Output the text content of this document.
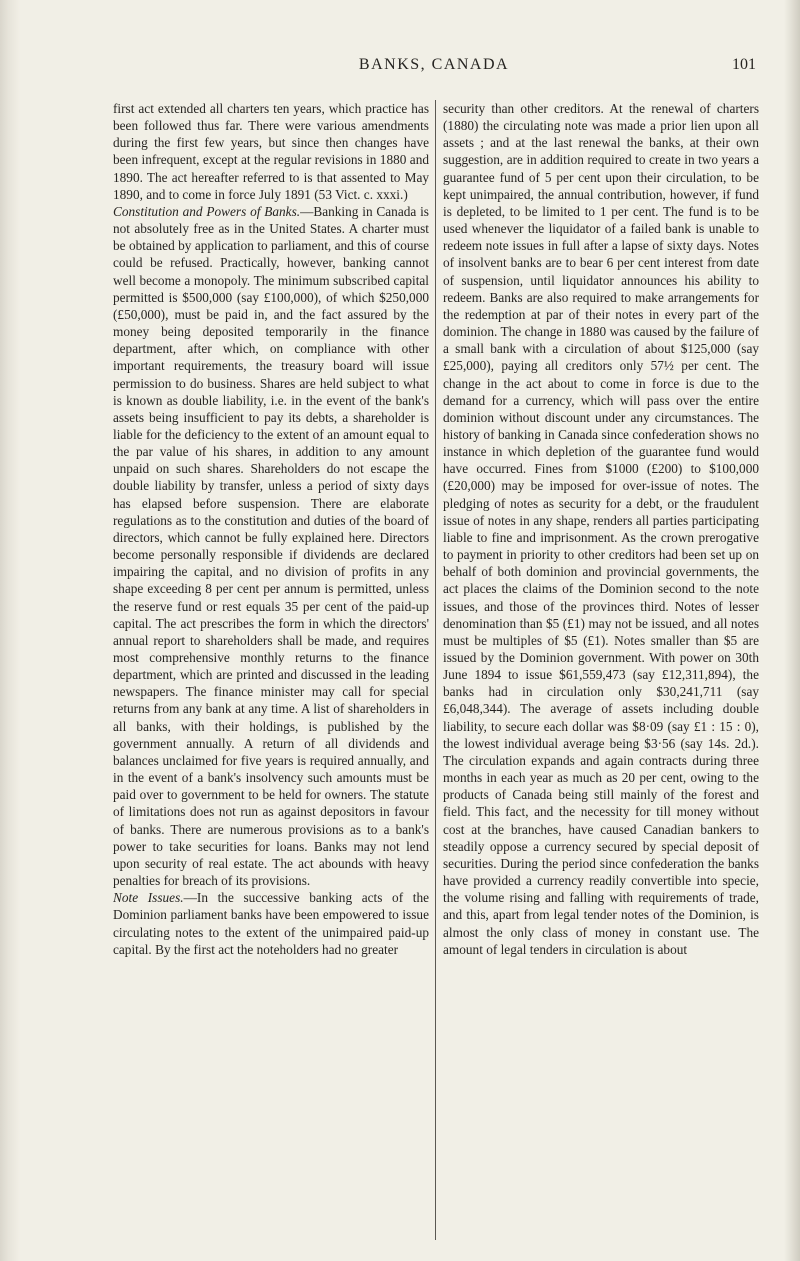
BANKS, CANADA	101

first act extended all charters ten years, which practice has been followed thus far. There were various amendments during the first few years, but since then changes have been infrequent, except at the regular revisions in 1880 and 1890. The act hereafter referred to is that assented to May 1890, and to come in force July 1891 (53 Vict. c. xxxi.)

Constitution and Powers of Banks.—Banking in Canada is not absolutely free as in the United States. A charter must be obtained by application to parliament, and this of course could be refused. Practically, however, banking cannot well become a monopoly. The minimum subscribed capital permitted is $500,000 (say £100,000), of which $250,000 (£50,000), must be paid in, and the fact assured by the money being deposited temporarily in the finance department, after which, on compliance with other important requirements, the treasury board will issue permission to do business. Shares are held subject to what is known as double liability, i.e. in the event of the bank's assets being insufficient to pay its debts, a shareholder is liable for the deficiency to the extent of an amount equal to the par value of his shares, in addition to any amount unpaid on such shares. Shareholders do not escape the double liability by transfer, unless a period of sixty days has elapsed before suspension. There are elaborate regulations as to the constitution and duties of the board of directors, which cannot be fully explained here. Directors become personally responsible if dividends are declared impairing the capital, and no division of profits in any shape exceeding 8 per cent per annum is permitted, unless the reserve fund or rest equals 35 per cent of the paid-up capital. The act prescribes the form in which the directors' annual report to shareholders shall be made, and requires most comprehensive monthly returns to the finance department, which are printed and discussed in the leading newspapers. The finance minister may call for special returns from any bank at any time. A list of shareholders in all banks, with their holdings, is published by the government annually. A return of all dividends and balances unclaimed for five years is required annually, and in the event of a bank's insolvency such amounts must be paid over to government to be held for owners. The statute of limitations does not run as against depositors in favour of banks. There are numerous provisions as to a bank's power to take securities for loans. Banks may not lend upon security of real estate. The act abounds with heavy penalties for breach of its provisions.

Note Issues.—In the successive banking acts of the Dominion parliament banks have been empowered to issue circulating notes to the extent of the unimpaired paid-up capital. By the first act the noteholders had no greater

security than other creditors. At the renewal of charters (1880) the circulating note was made a prior lien upon all assets ; and at the last renewal the banks, at their own suggestion, are in addition required to create in two years a guarantee fund of 5 per cent upon their circulation, to be kept unimpaired, the annual contribution, however, if fund is depleted, to be limited to 1 per cent. The fund is to be used whenever the liquidator of a failed bank is unable to redeem note issues in full after a lapse of sixty days. Notes of insolvent banks are to bear 6 per cent interest from date of suspension, until liquidator announces his ability to redeem. Banks are also required to make arrangements for the redemption at par of their notes in every part of the dominion. The change in 1880 was caused by the failure of a small bank with a circulation of about $125,000 (say £25,000), paying all creditors only 57½ per cent. The change in the act about to come in force is due to the demand for a currency, which will pass over the entire dominion without discount under any circumstances. The history of banking in Canada since confederation shows no instance in which depletion of the guarantee fund would have occurred. Fines from $1000 (£200) to $100,000 (£20,000) may be imposed for over-issue of notes. The pledging of notes as security for a debt, or the fraudulent issue of notes in any shape, renders all parties participating liable to fine and imprisonment. As the crown prerogative to payment in priority to other creditors had been set up on behalf of both dominion and provincial governments, the act places the claims of the Dominion second to the note issues, and those of the provinces third. Notes of lesser denomination than $5 (£1) may not be issued, and all notes must be multiples of $5 (£1). Notes smaller than $5 are issued by the Dominion government. With power on 30th June 1894 to issue $61,559,473 (say £12,311,894), the banks had in circulation only $30,241,711 (say £6,048,344). The average of assets including double liability, to secure each dollar was $8·09 (say £1 : 15 : 0), the lowest individual average being $3·56 (say 14s. 2d.). The circulation expands and again contracts during three months in each year as much as 20 per cent, owing to the products of Canada being still mainly of the forest and field. This fact, and the necessity for till money without cost at the branches, have caused Canadian bankers to steadily oppose a currency secured by special deposit of securities. During the period since confederation the banks have provided a currency readily convertible into specie, the volume rising and falling with requirements of trade, and this, apart from legal tender notes of the Dominion, is almost the only class of money in constant use. The amount of legal tenders in circulation is about
